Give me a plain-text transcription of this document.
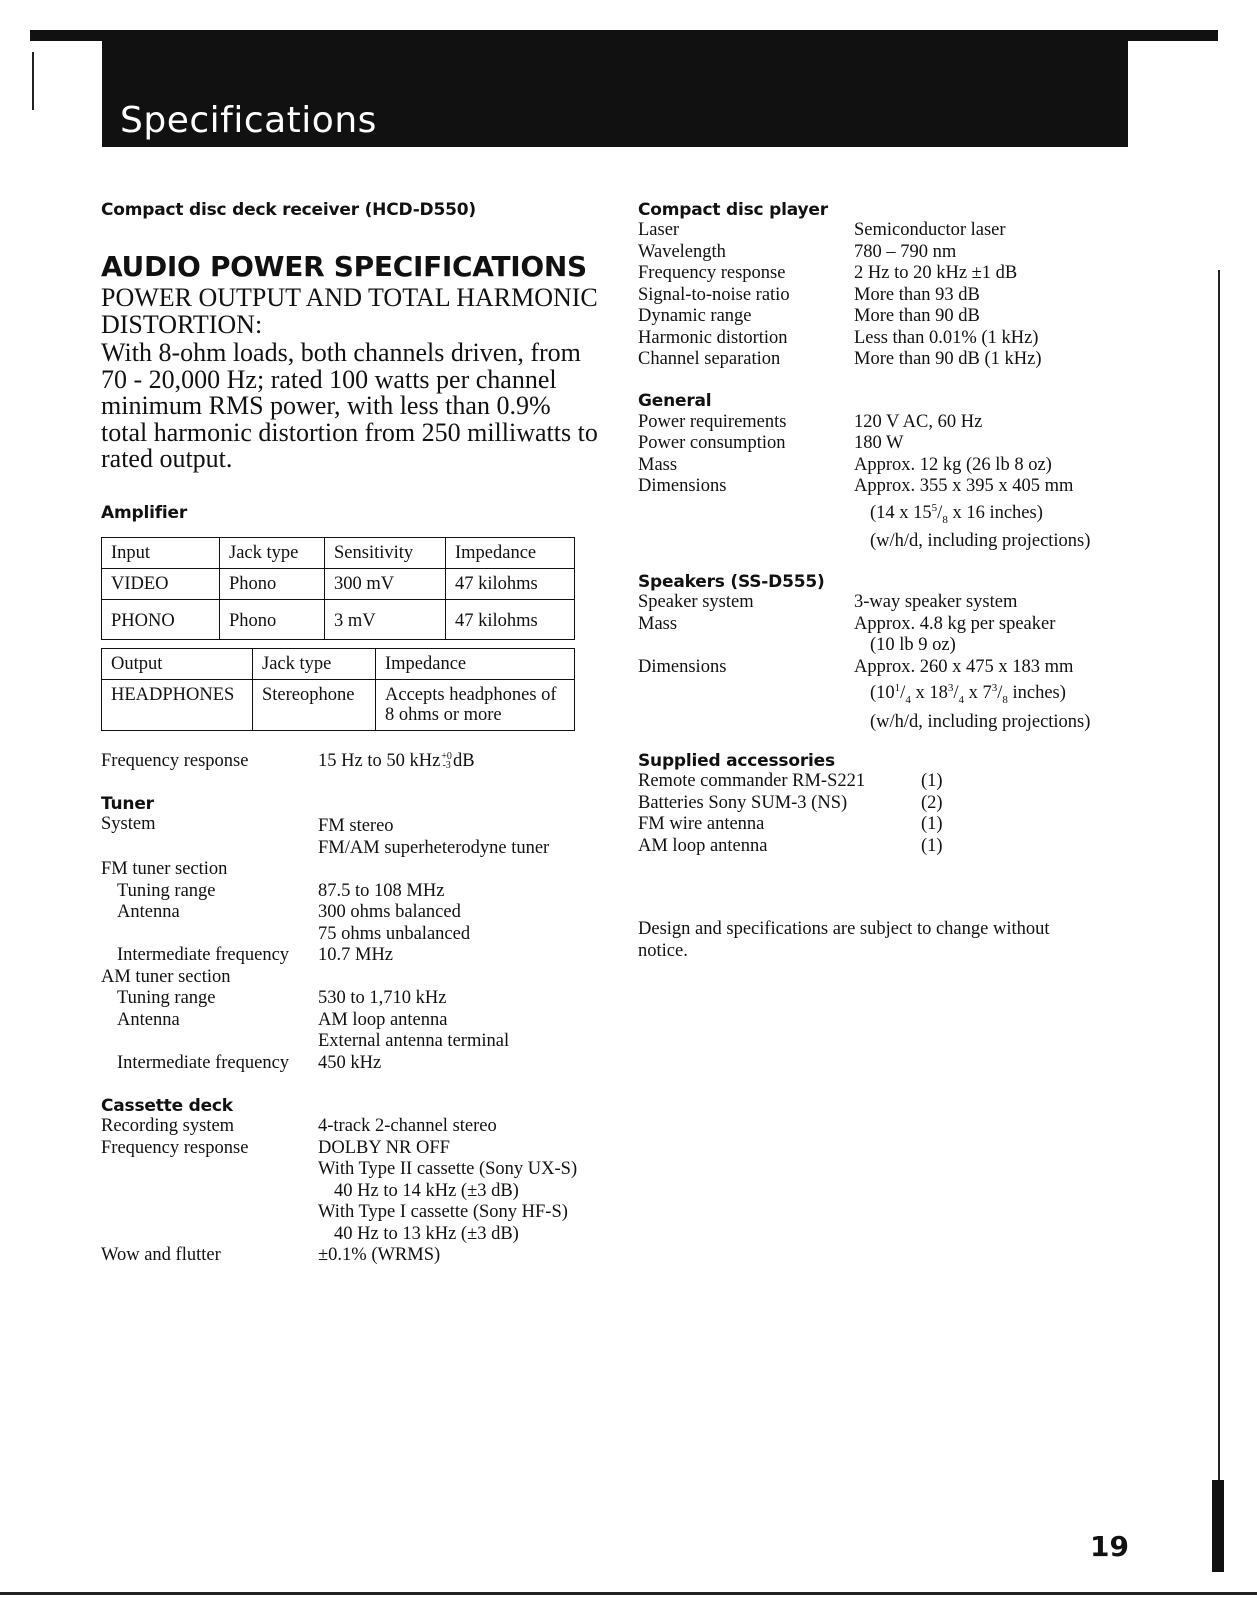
Specifications
Compact disc deck receiver (HCD-D550)
AUDIO POWER SPECIFICATIONS
POWER OUTPUT AND TOTAL HARMONIC DISTORTION:
With 8-ohm loads, both channels driven, from 70 - 20,000 Hz; rated 100 watts per channel minimum RMS power, with less than 0.9% total harmonic distortion from 250 milliwatts to rated output.
Amplifier
Input	Jack type	Sensitivity	Impedance
VIDEO	Phono	300 mV	47 kilohms
PHONO	Phono	3 mV	47 kilohms
Output	Jack type	Impedance
HEADPHONES	Stereophone	Accepts headphones of 8 ohms or more
Frequency response	15 Hz to 50 kHz +0
-3 dB
Tuner
System	FM stereo
FM/AM superheterodyne tuner
FM tuner section
Tuning range	87.5 to 108 MHz
Antenna	300 ohms balanced
75 ohms unbalanced
Intermediate frequency	10.7 MHz
AM tuner section
Tuning range	530 to 1,710 kHz
Antenna	AM loop antenna
External antenna terminal
Intermediate frequency	450 kHz
Cassette deck
Recording system	4-track 2-channel stereo
Frequency response	DOLBY NR OFF
With Type II cassette (Sony UX-S)
40 Hz to 14 kHz (±3 dB)
With Type I cassette (Sony HF-S)
40 Hz to 13 kHz (±3 dB)
Wow and flutter	±0.1% (WRMS)
Compact disc player
Laser	Semiconductor laser
Wavelength	780 – 790 nm
Frequency response	2 Hz to 20 kHz ±1 dB
Signal-to-noise ratio	More than 93 dB
Dynamic range	More than 90 dB
Harmonic distortion	Less than 0.01% (1 kHz)
Channel separation	More than 90 dB (1 kHz)
General
Power requirements	120 V AC, 60 Hz
Power consumption	180 W
Mass	Approx. 12 kg (26 lb 8 oz)
Dimensions	Approx. 355 x 395 x 405 mm
(14 x $15^5/_8$ x 16 inches)
(w/h/d, including projections)
Speakers (SS-D555)
Speaker system	3-way speaker system
Mass	Approx. 4.8 kg per speaker
(10 lb 9 oz)
Dimensions	Approx. 260 x 475 x 183 mm
($10^1/_4$ x $18^3/_4$ x $7^3/_8$ inches)
(w/h/d, including projections)
Supplied accessories
Remote commander RM-S221	(1)
Batteries Sony SUM-3 (NS)	(2)
FM wire antenna	(1)
AM loop antenna	(1)
Design and specifications are subject to change without notice.
19
